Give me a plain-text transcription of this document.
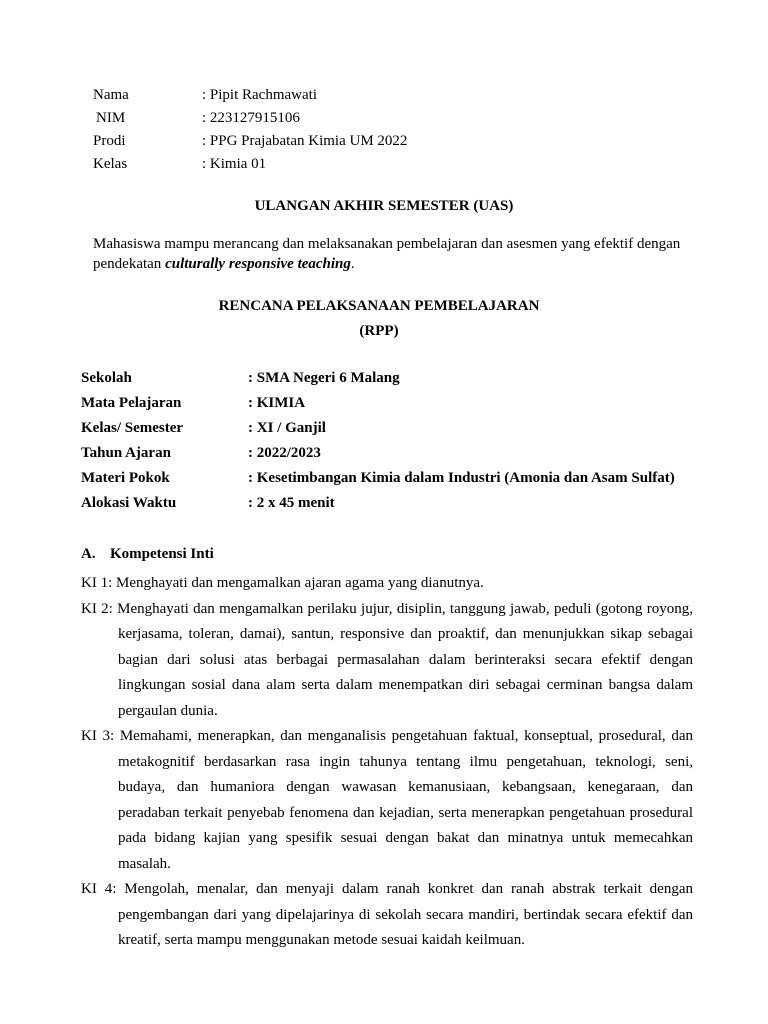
Nama	: Pipit Rachmawati
NIM	: 223127915106
Prodi	: PPG Prajabatan Kimia UM 2022
Kelas	: Kimia 01
ULANGAN AKHIR SEMESTER (UAS)
Mahasiswa mampu merancang dan melaksanakan pembelajaran dan asesmen yang efektif dengan pendekatan culturally responsive teaching.
RENCANA PELAKSANAAN PEMBELAJARAN
(RPP)
Sekolah	: SMA Negeri 6 Malang
Mata Pelajaran	: KIMIA
Kelas/ Semester	: XI / Ganjil
Tahun Ajaran	: 2022/2023
Materi Pokok	: Kesetimbangan Kimia dalam Industri (Amonia dan Asam Sulfat)
Alokasi Waktu	: 2 x 45 menit
A. Kompetensi Inti
KI 1: Menghayati dan mengamalkan ajaran agama yang dianutnya.
KI 2: Menghayati dan mengamalkan perilaku jujur, disiplin, tanggung jawab, peduli (gotong royong, kerjasama, toleran, damai), santun, responsive dan proaktif, dan menunjukkan sikap sebagai bagian dari solusi atas berbagai permasalahan dalam berinteraksi secara efektif dengan lingkungan sosial dana alam serta dalam menempatkan diri sebagai cerminan bangsa dalam pergaulan dunia.
KI 3: Memahami, menerapkan, dan menganalisis pengetahuan faktual, konseptual, prosedural, dan metakognitif berdasarkan rasa ingin tahunya tentang ilmu pengetahuan, teknologi, seni, budaya, dan humaniora dengan wawasan kemanusiaan, kebangsaan, kenegaraan, dan peradaban terkait penyebab fenomena dan kejadian, serta menerapkan pengetahuan prosedural pada bidang kajian yang spesifik sesuai dengan bakat dan minatnya untuk memecahkan masalah.
KI 4: Mengolah, menalar, dan menyaji dalam ranah konkret dan ranah abstrak terkait dengan pengembangan dari yang dipelajarinya di sekolah secara mandiri, bertindak secara efektif dan kreatif, serta mampu menggunakan metode sesuai kaidah keilmuan.
